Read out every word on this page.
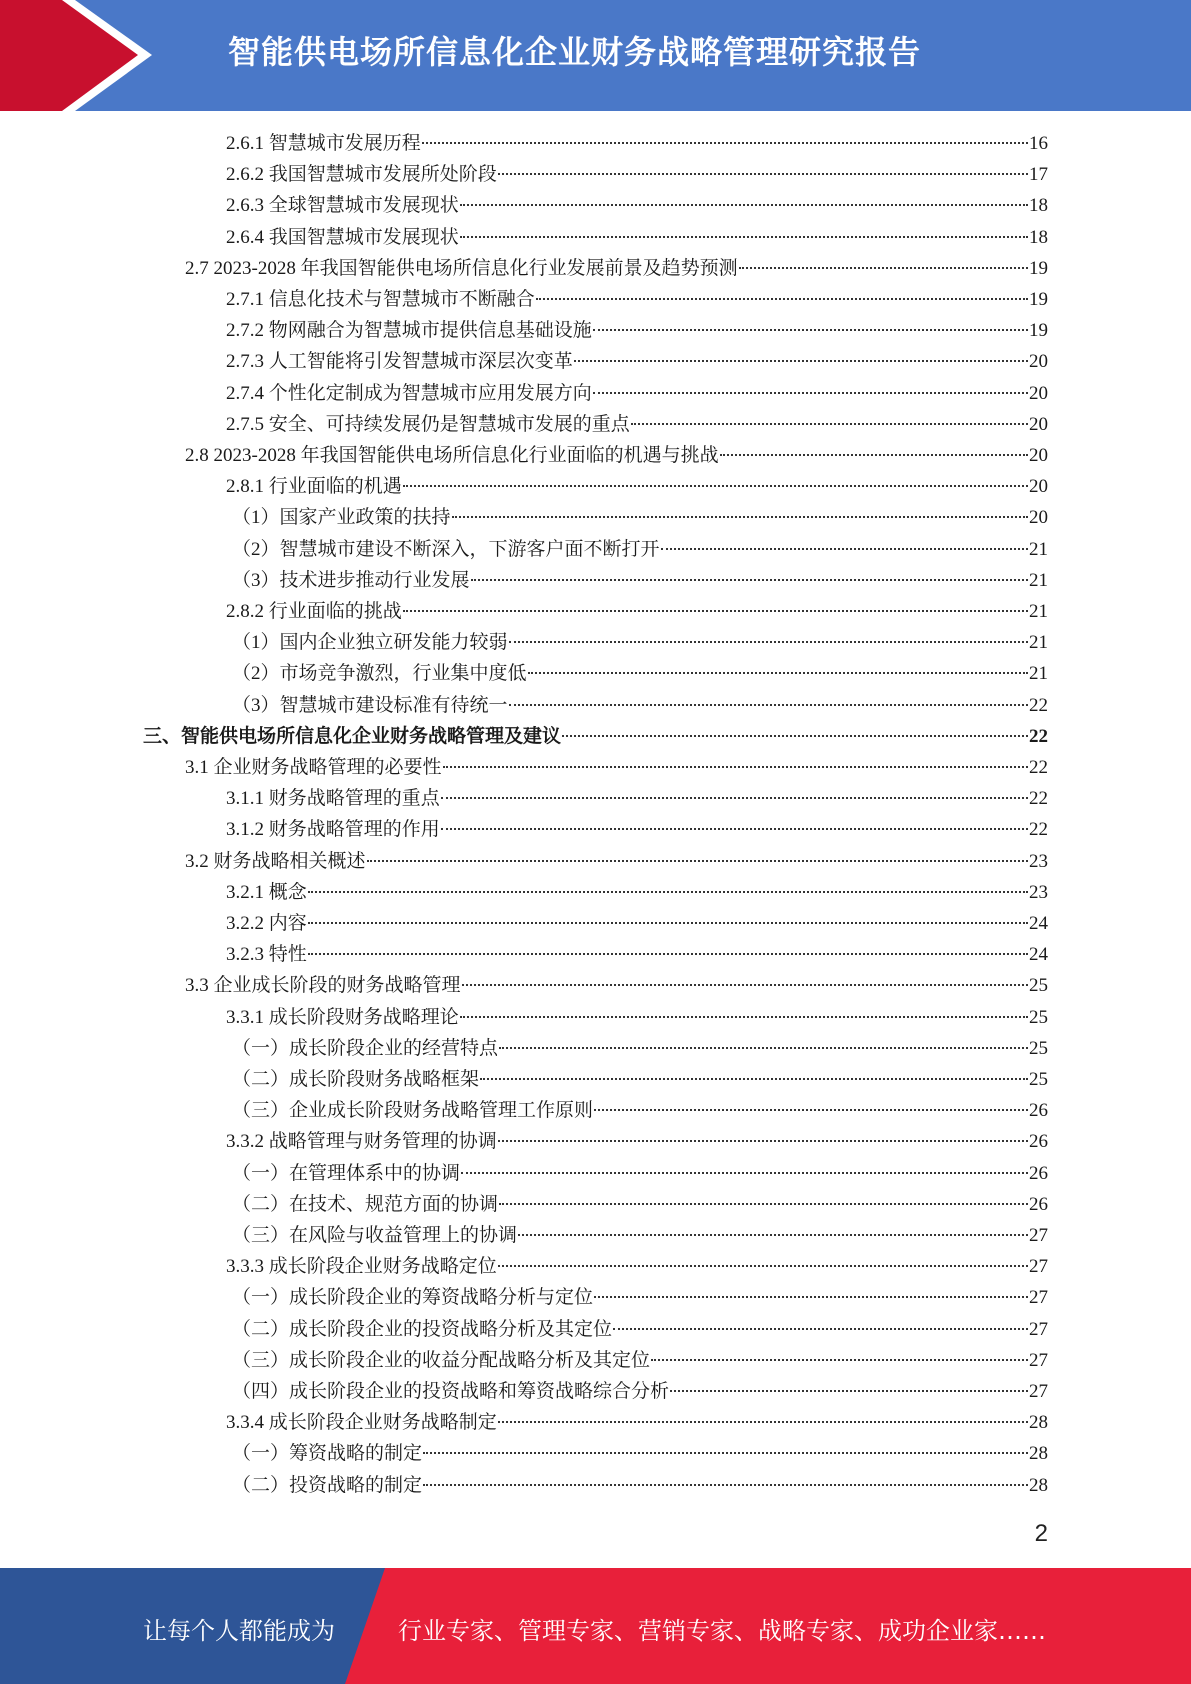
智能供电场所信息化企业财务战略管理研究报告
2.6.1 智慧城市发展历程	16
2.6.2 我国智慧城市发展所处阶段	17
2.6.3 全球智慧城市发展现状	18
2.6.4 我国智慧城市发展现状	18
2.7 2023-2028 年我国智能供电场所信息化行业发展前景及趋势预测	19
2.7.1 信息化技术与智慧城市不断融合	19
2.7.2 物网融合为智慧城市提供信息基础设施	19
2.7.3 人工智能将引发智慧城市深层次变革	20
2.7.4 个性化定制成为智慧城市应用发展方向	20
2.7.5 安全、可持续发展仍是智慧城市发展的重点	20
2.8 2023-2028 年我国智能供电场所信息化行业面临的机遇与挑战	20
2.8.1 行业面临的机遇	20
（1）国家产业政策的扶持	20
（2）智慧城市建设不断深入，下游客户面不断打开	21
（3）技术进步推动行业发展	21
2.8.2 行业面临的挑战	21
（1）国内企业独立研发能力较弱	21
（2）市场竞争激烈，行业集中度低	21
（3）智慧城市建设标准有待统一	22
三、智能供电场所信息化企业财务战略管理及建议	22
3.1 企业财务战略管理的必要性	22
3.1.1 财务战略管理的重点	22
3.1.2 财务战略管理的作用	22
3.2 财务战略相关概述	23
3.2.1 概念	23
3.2.2 内容	24
3.2.3 特性	24
3.3 企业成长阶段的财务战略管理	25
3.3.1 成长阶段财务战略理论	25
（一）成长阶段企业的经营特点	25
（二）成长阶段财务战略框架	25
（三）企业成长阶段财务战略管理工作原则	26
3.3.2 战略管理与财务管理的协调	26
（一）在管理体系中的协调	26
（二）在技术、规范方面的协调	26
（三）在风险与收益管理上的协调	27
3.3.3 成长阶段企业财务战略定位	27
（一）成长阶段企业的筹资战略分析与定位	27
（二）成长阶段企业的投资战略分析及其定位	27
（三）成长阶段企业的收益分配战略分析及其定位	27
（四）成长阶段企业的投资战略和筹资战略综合分析	27
3.3.4 成长阶段企业财务战略制定	28
（一）筹资战略的制定	28
（二）投资战略的制定	28
2
让每个人都能成为	行业专家、管理专家、营销专家、战略专家、成功企业家……
